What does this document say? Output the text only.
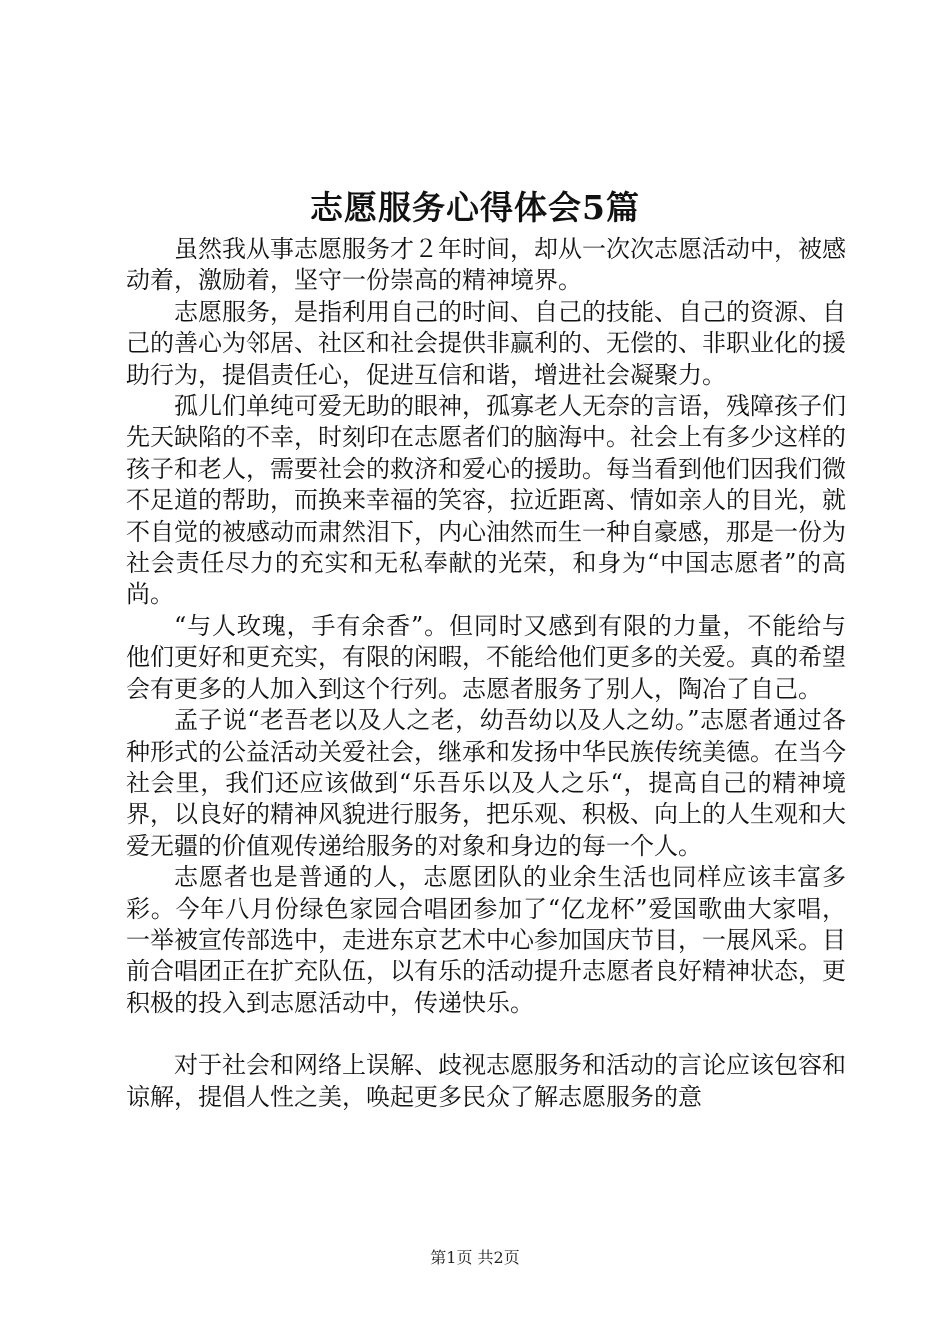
志愿服务心得体会5篇

虽然我从事志愿服务才２年时间，却从一次次志愿活动中，被感动着，激励着，坚守一份崇高的精神境界。

志愿服务，是指利用自己的时间、自己的技能、自己的资源、自己的善心为邻居、社区和社会提供非赢利的、无偿的、非职业化的援助行为，提倡责任心，促进互信和谐，增进社会凝聚力。

孤儿们单纯可爱无助的眼神，孤寡老人无奈的言语，残障孩子们先天缺陷的不幸，时刻印在志愿者们的脑海中。社会上有多少这样的孩子和老人，需要社会的救济和爱心的援助。每当看到他们因我们微不足道的帮助，而换来幸福的笑容，拉近距离、情如亲人的目光，就不自觉的被感动而肃然泪下，内心油然而生一种自豪感，那是一份为社会责任尽力的充实和无私奉献的光荣，和身为“中国志愿者”的高尚。

“与人玫瑰，手有余香”。但同时又感到有限的力量，不能给与他们更好和更充实，有限的闲暇，不能给他们更多的关爱。真的希望会有更多的人加入到这个行列。志愿者服务了别人，陶冶了自己。

孟子说“老吾老以及人之老，幼吾幼以及人之幼。”志愿者通过各种形式的公益活动关爱社会，继承和发扬中华民族传统美德。在当今社会里，我们还应该做到“乐吾乐以及人之乐“，提高自己的精神境界，以良好的精神风貌进行服务，把乐观、积极、向上的人生观和大爱无疆的价值观传递给服务的对象和身边的每一个人。

志愿者也是普通的人，志愿团队的业余生活也同样应该丰富多彩。今年八月份绿色家园合唱团参加了“亿龙杯”爱国歌曲大家唱，一举被宣传部选中，走进东京艺术中心参加国庆节目，一展风采。目前合唱团正在扩充队伍，以有乐的活动提升志愿者良好精神状态，更积极的投入到志愿活动中，传递快乐。

对于社会和网络上误解、歧视志愿服务和活动的言论应该包容和谅解，提倡人性之美，唤起更多民众了解志愿服务的意

第1页 共2页
